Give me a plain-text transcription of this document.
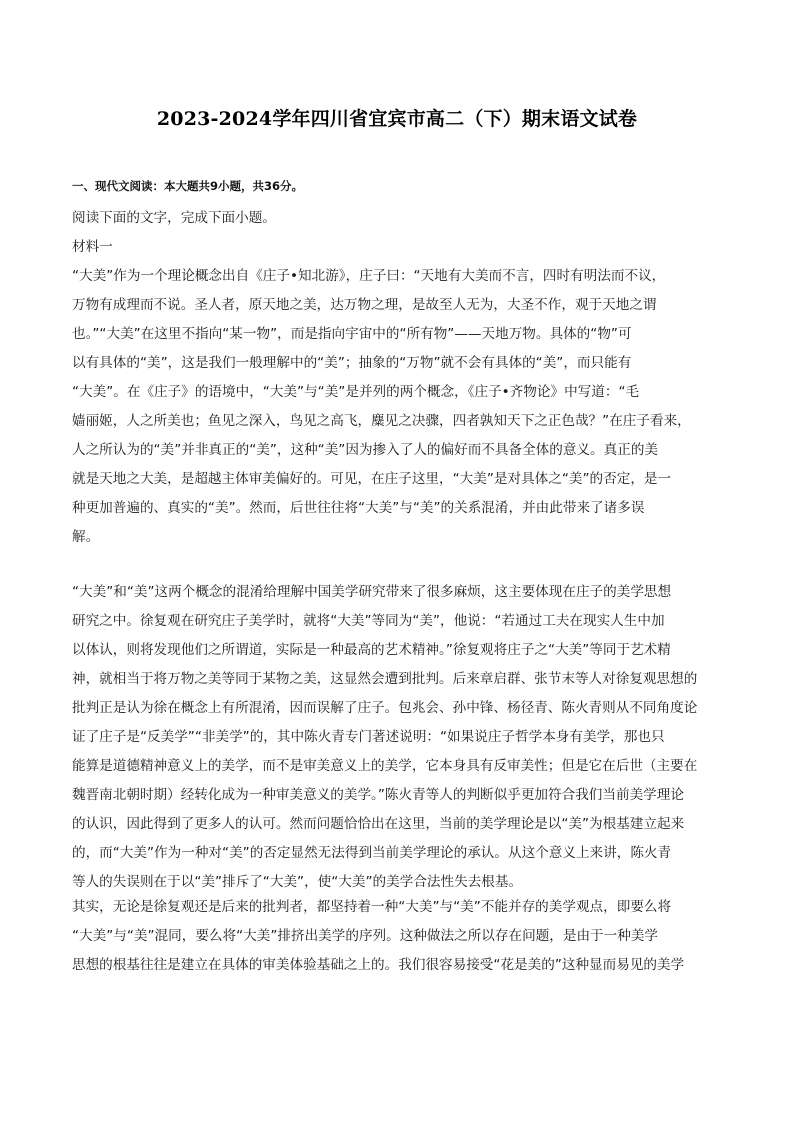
2023-2024学年四川省宜宾市高二（下）期末语文试卷

一、现代文阅读：本大题共9小题，共36分。

阅读下面的文字，完成下面小题。

材料一

“大美”作为一个理论概念出自《庄子•知北游》，庄子曰：“天地有大美而不言，四时有明法而不议，

万物有成理而不说。圣人者，原天地之美，达万物之理，是故至人无为，大圣不作，观于天地之谓

也。”“大美”在这里不指向“某一物”，而是指向宇宙中的“所有物”——天地万物。具体的“物”可

以有具体的“美”，这是我们一般理解中的“美”；抽象的“万物”就不会有具体的“美”，而只能有

“大美”。在《庄子》的语境中，“大美”与“美”是并列的两个概念，《庄子•齐物论》中写道：“毛

嫱丽姬，人之所美也；鱼见之深入，鸟见之高飞，麋见之决骤，四者孰知天下之正色哉？”在庄子看来，

人之所认为的“美”并非真正的“美”，这种“美”因为掺入了人的偏好而不具备全体的意义。真正的美

就是天地之大美，是超越主体审美偏好的。可见，在庄子这里，“大美”是对具体之“美”的否定，是一

种更加普遍的、真实的“美”。然而，后世往往将“大美”与“美”的关系混淆，并由此带来了诸多误

解。

“大美”和“美”这两个概念的混淆给理解中国美学研究带来了很多麻烦，这主要体现在庄子的美学思想

研究之中。徐复观在研究庄子美学时，就将“大美”等同为“美”，他说：“若通过工夫在现实人生中加

以体认，则将发现他们之所谓道，实际是一种最高的艺术精神。”徐复观将庄子之“大美”等同于艺术精

神，就相当于将万物之美等同于某物之美，这显然会遭到批判。后来章启群、张节末等人对徐复观思想的

批判正是认为徐在概念上有所混淆，因而误解了庄子。包兆会、孙中锋、杨径青、陈火青则从不同角度论

证了庄子是“反美学”“非美学”的，其中陈火青专门著述说明：“如果说庄子哲学本身有美学，那也只

能算是道德精神意义上的美学，而不是审美意义上的美学，它本身具有反审美性；但是它在后世（主要在

魏晋南北朝时期）经转化成为一种审美意义的美学。”陈火青等人的判断似乎更加符合我们当前美学理论

的认识，因此得到了更多人的认可。然而问题恰恰出在这里，当前的美学理论是以“美”为根基建立起来

的，而“大美”作为一种对“美”的否定显然无法得到当前美学理论的承认。从这个意义上来讲，陈火青

等人的失误则在于以“美”排斥了“大美”，使“大美”的美学合法性失去根基。

其实，无论是徐复观还是后来的批判者，都坚持着一种“大美”与“美”不能并存的美学观点，即要么将

“大美”与“美”混同，要么将“大美”排挤出美学的序列。这种做法之所以存在问题，是由于一种美学

思想的根基往往是建立在具体的审美体验基础之上的。我们很容易接受“花是美的”这种显而易见的美学
